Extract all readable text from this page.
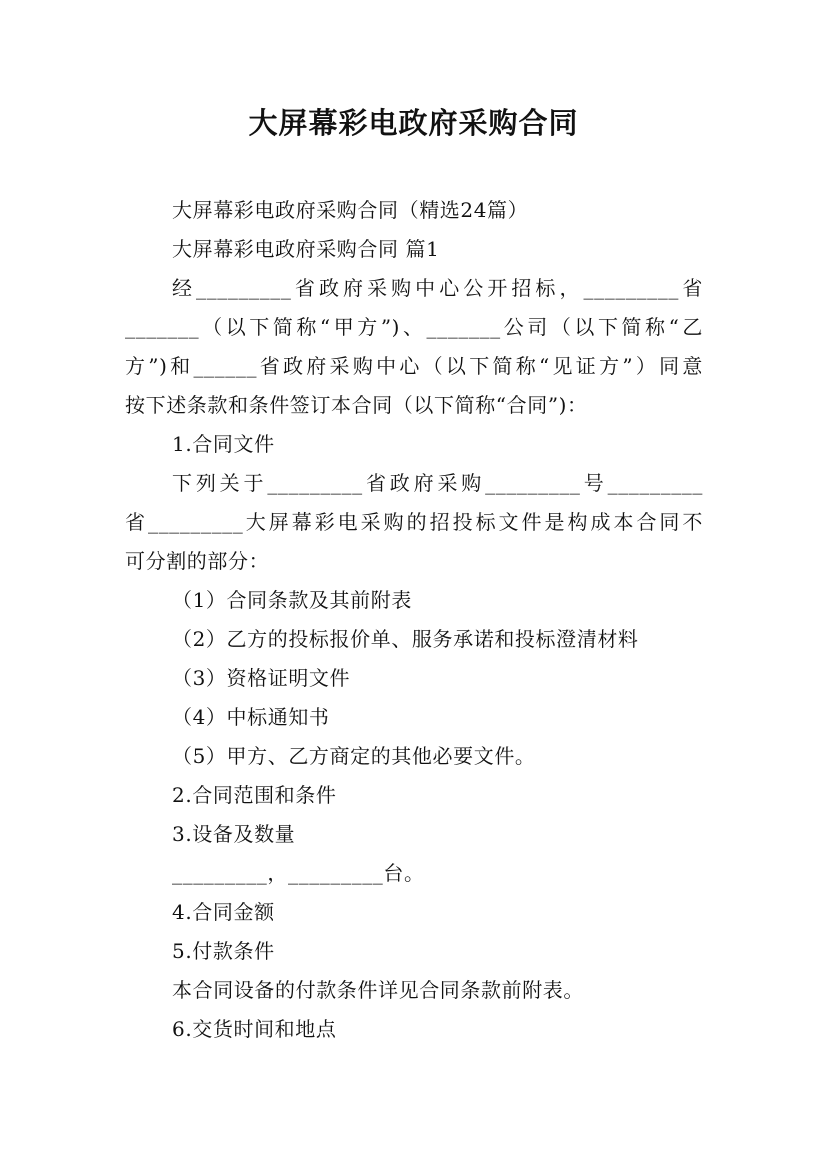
大屏幕彩电政府采购合同
大屏幕彩电政府采购合同（精选24篇）
大屏幕彩电政府采购合同 篇1
经_________省政府采购中心公开招标，_________省
_______（以下简称“甲方”)、_______公司（以下简称“乙
方”)和______省政府采购中心（以下简称“见证方”）同意
按下述条款和条件签订本合同（以下简称“合同”)：
1.合同文件
下列关于_________省政府采购_________号_________
省_________大屏幕彩电采购的招投标文件是构成本合同不
可分割的部分：
（1）合同条款及其前附表
（2）乙方的投标报价单、服务承诺和投标澄清材料
（3）资格证明文件
（4）中标通知书
（5）甲方、乙方商定的其他必要文件。
2.合同范围和条件
3.设备及数量
_________，_________台。
4.合同金额
5.付款条件
本合同设备的付款条件详见合同条款前附表。
6.交货时间和地点
